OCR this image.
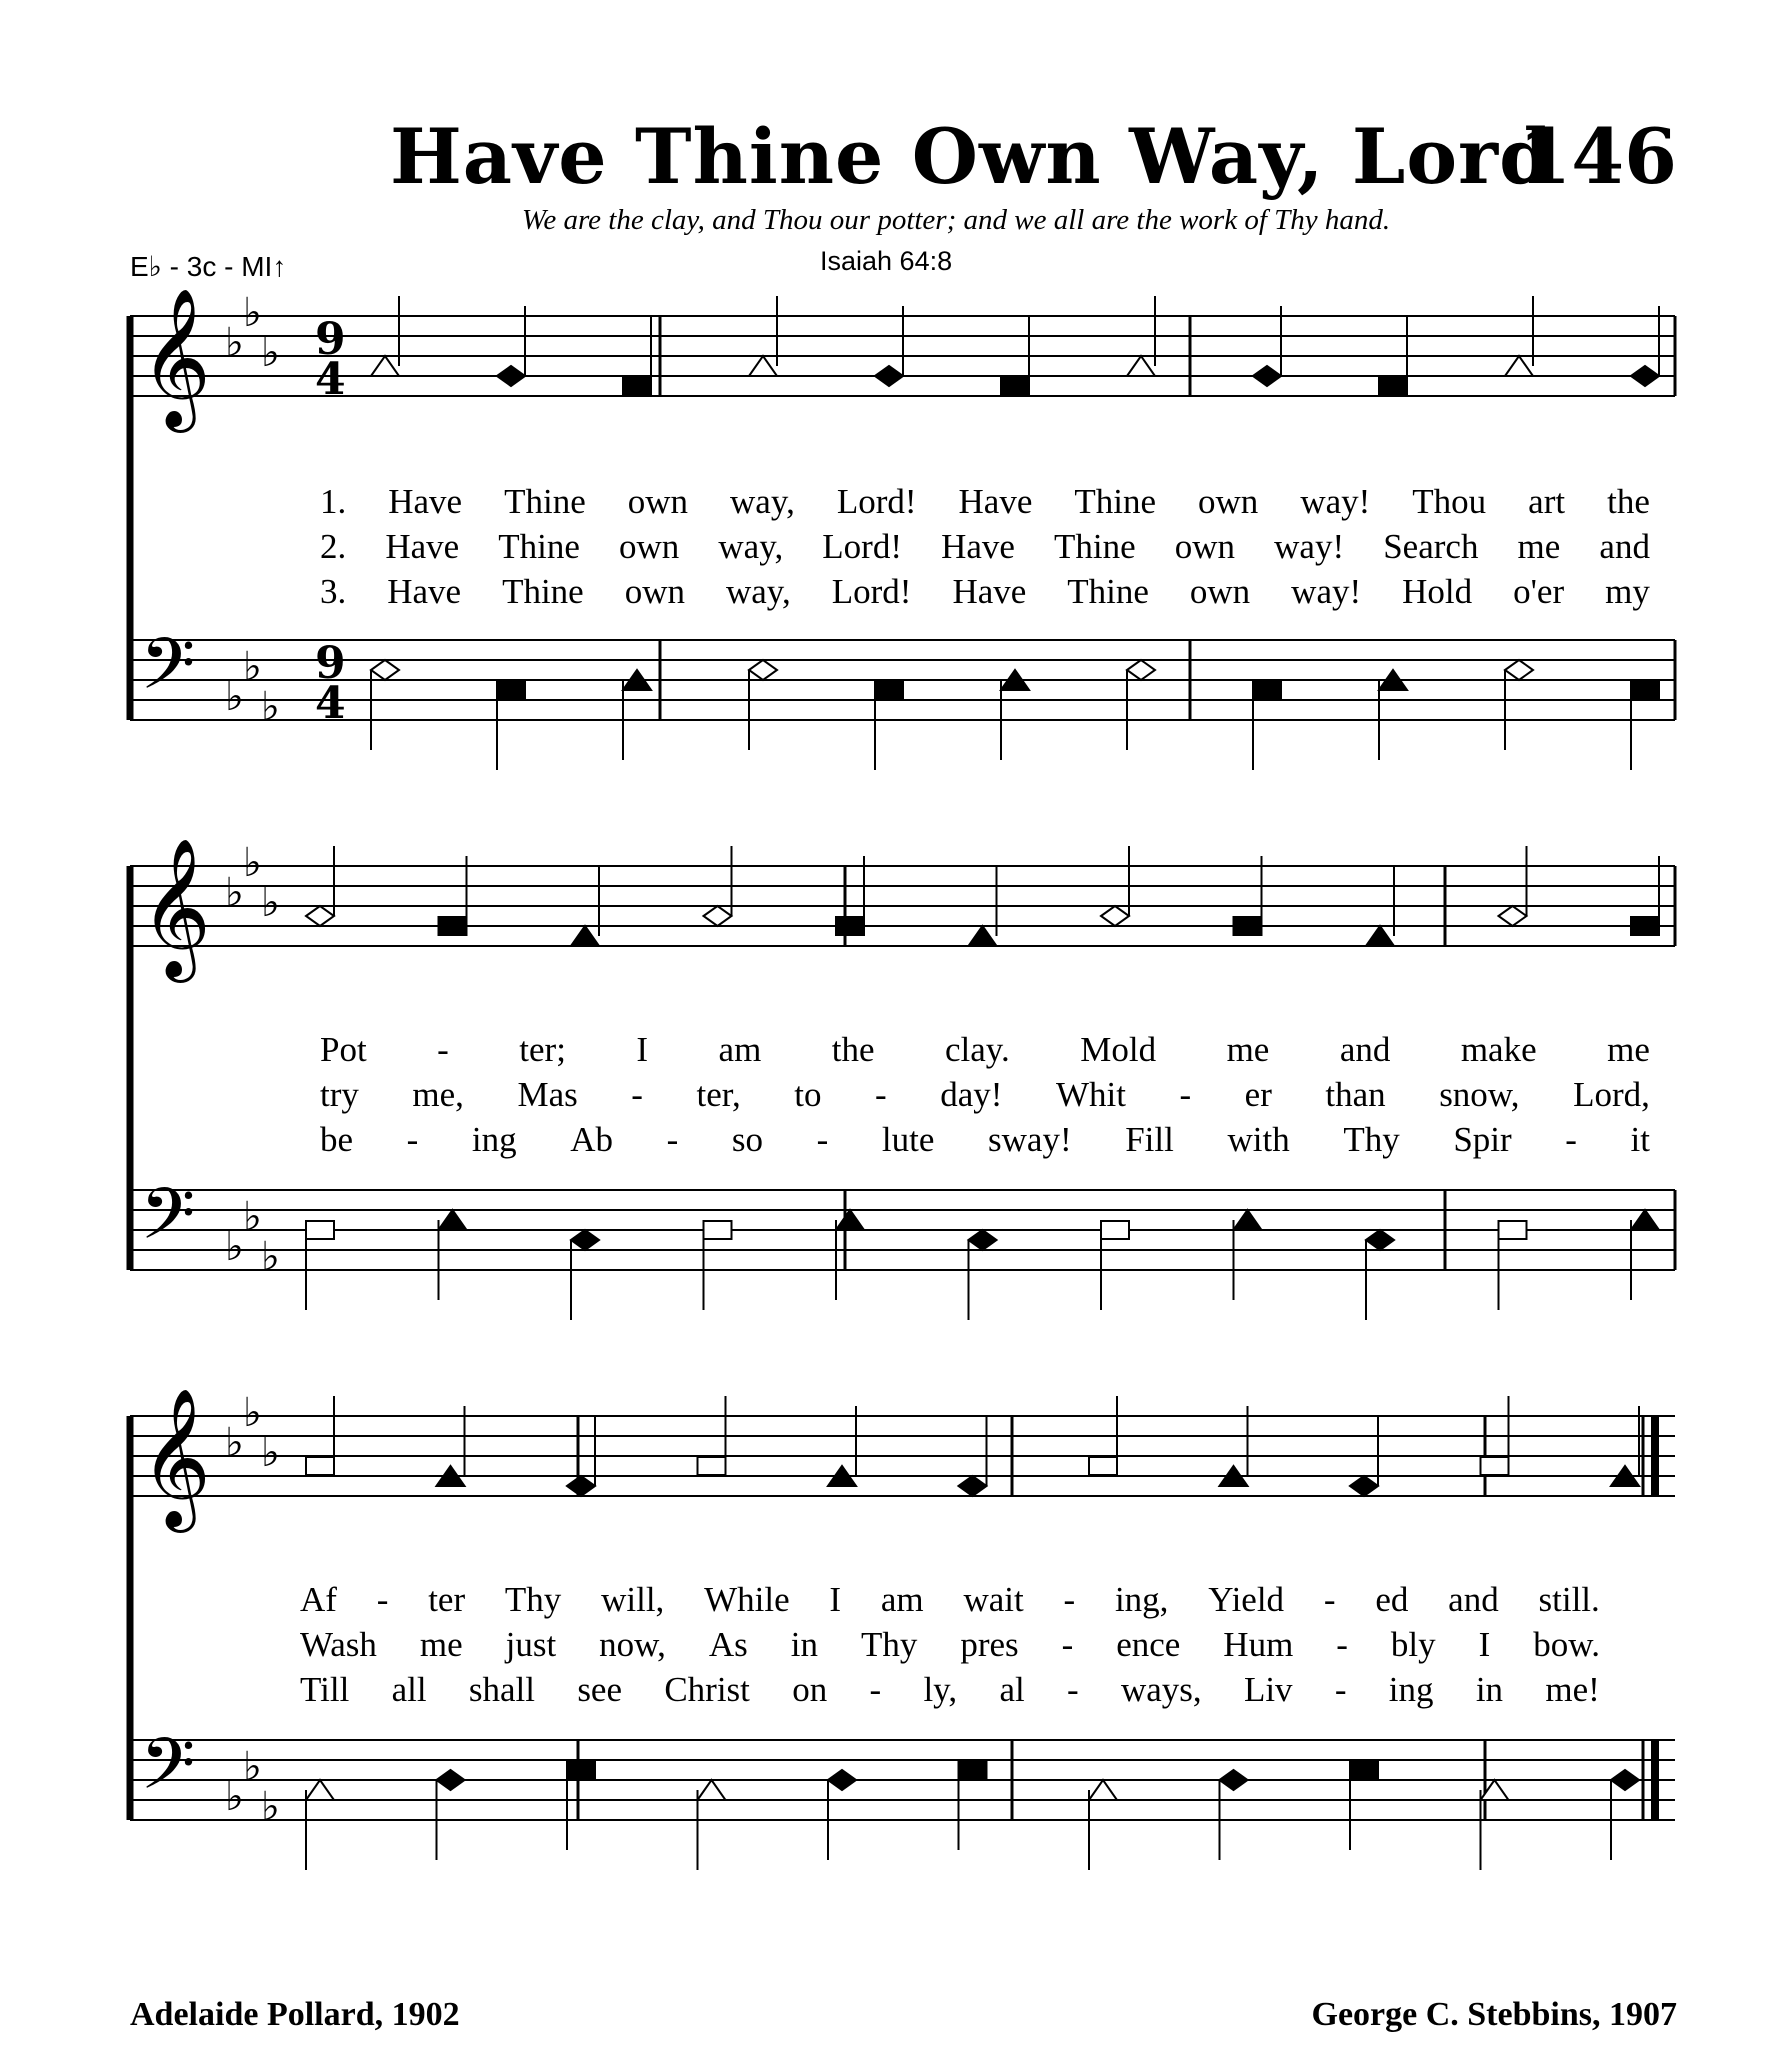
Have Thine Own Way, Lord
146
We are the clay, and Thou our potter; and we all are the work of Thy hand.
Isaiah 64:8
E♭ - 3c - MI↑
𝄞
𝄢
♭
♭
♭
♭
♭
♭
9
4
9
4
𝄞
𝄢
♭
♭
♭
♭
♭
♭
𝄞
𝄢
♭
♭
♭
♭
♭
♭
1. Have Thine own way, Lord! Have Thine own way! Thou art the
2. Have Thine own way, Lord! Have Thine own way! Search me and
3. Have Thine own way, Lord! Have Thine own way! Hold o'er my
Pot - ter; I am the clay. Mold me and make me
try me, Mas - ter, to - day! Whit - er than snow, Lord,
be - ing Ab - so - lute sway! Fill with Thy Spir - it
Af - ter Thy will, While I am wait - ing, Yield - ed and still.
Wash me just now, As in Thy pres - ence Hum - bly I bow.
Till all shall see Christ on - ly, al - ways, Liv - ing in me!
Adelaide Pollard, 1902	George C. Stebbins, 1907
